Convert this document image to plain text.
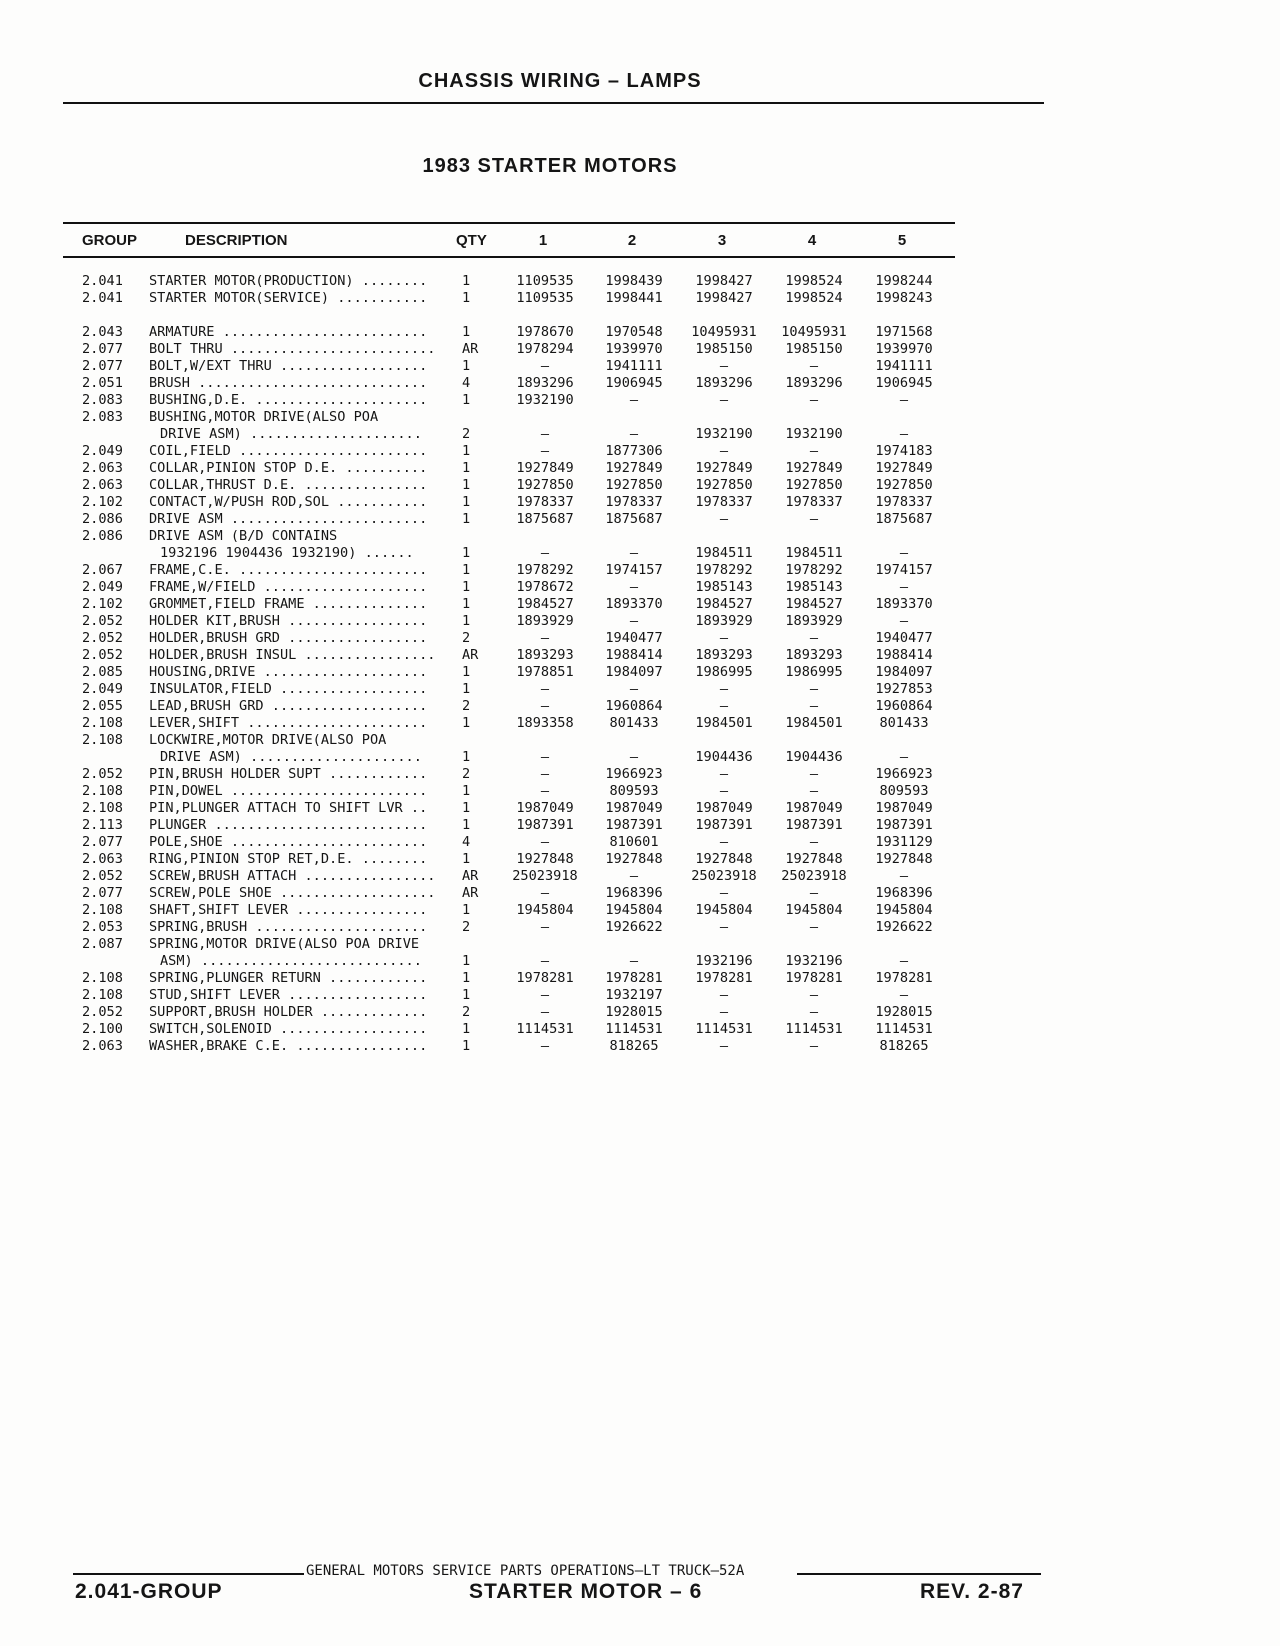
CHASSIS WIRING – LAMPS
1983 STARTER MOTORS
GROUP	DESCRIPTION	QTY	1	2	3	4	5
2.041 STARTER MOTOR(PRODUCTION) ........	1	1109535	1998439	1998427	1998524	1998244
2.041 STARTER MOTOR(SERVICE) ...........	1	1109535	1998441	1998427	1998524	1998243
2.043 ARMATURE .........................	1	1978670	1970548	10495931	10495931	1971568
2.077 BOLT THRU ......................... AR	1978294	1939970	1985150	1985150	1939970
2.077 BOLT,W/EXT THRU ..................	1	—	1941111	—	—	1941111
2.051 BRUSH ............................	4	1893296	1906945	1893296	1893296	1906945
2.083 BUSHING,D.E. .....................	1	1932190	—	—	—	—
2.083 BUSHING,MOTOR DRIVE(ALSO POA
DRIVE ASM) .....................	2	—	—	1932190	1932190	—
2.049 COIL,FIELD .......................	1	—	1877306	—	—	1974183
2.063 COLLAR,PINION STOP D.E. ..........	1	1927849	1927849	1927849	1927849	1927849
2.063 COLLAR,THRUST D.E. ...............	1	1927850	1927850	1927850	1927850	1927850
2.102 CONTACT,W/PUSH ROD,SOL ...........	1	1978337	1978337	1978337	1978337	1978337
2.086 DRIVE ASM ........................	1	1875687	1875687	—	—	1875687
2.086 DRIVE ASM (B/D CONTAINS
1932196 1904436 1932190) ......	1	—	—	1984511	1984511	—
2.067 FRAME,C.E. .......................	1	1978292	1974157	1978292	1978292	1974157
2.049 FRAME,W/FIELD ....................	1	1978672	—	1985143	1985143	—
2.102 GROMMET,FIELD FRAME ..............	1	1984527	1893370	1984527	1984527	1893370
2.052 HOLDER KIT,BRUSH .................	1	1893929	—	1893929	1893929	—
2.052 HOLDER,BRUSH GRD .................	2	—	1940477	—	—	1940477
2.052 HOLDER,BRUSH INSUL ................ AR	1893293	1988414	1893293	1893293	1988414
2.085 HOUSING,DRIVE ....................	1	1978851	1984097	1986995	1986995	1984097
2.049 INSULATOR,FIELD ..................	1	—	—	—	—	1927853
2.055 LEAD,BRUSH GRD ...................	2	—	1960864	—	—	1960864
2.108 LEVER,SHIFT ......................	1	1893358	801433	1984501	1984501	801433
2.108 LOCKWIRE,MOTOR DRIVE(ALSO POA
DRIVE ASM) .....................	1	—	—	1904436	1904436	—
2.052 PIN,BRUSH HOLDER SUPT ............	2	—	1966923	—	—	1966923
2.108 PIN,DOWEL ........................	1	—	809593	—	—	809593
2.108 PIN,PLUNGER ATTACH TO SHIFT LVR ..	1	1987049	1987049	1987049	1987049	1987049
2.113 PLUNGER ..........................	1	1987391	1987391	1987391	1987391	1987391
2.077 POLE,SHOE ........................	4	—	810601	—	—	1931129
2.063 RING,PINION STOP RET,D.E. ........	1	1927848	1927848	1927848	1927848	1927848
2.052 SCREW,BRUSH ATTACH ................ AR	25023918	—	25023918	25023918	—
2.077 SCREW,POLE SHOE ................... AR	—	1968396	—	—	1968396
2.108 SHAFT,SHIFT LEVER ................	1	1945804	1945804	1945804	1945804	1945804
2.053 SPRING,BRUSH .....................	2	—	1926622	—	—	1926622
2.087 SPRING,MOTOR DRIVE(ALSO POA DRIVE
ASM) ...........................	1	—	—	1932196	1932196	—
2.108 SPRING,PLUNGER RETURN ............	1	1978281	1978281	1978281	1978281	1978281
2.108 STUD,SHIFT LEVER .................	1	—	1932197	—	—	—
2.052 SUPPORT,BRUSH HOLDER .............	2	—	1928015	—	—	1928015
2.100 SWITCH,SOLENOID ..................	1	1114531	1114531	1114531	1114531	1114531
2.063 WASHER,BRAKE C.E. ................	1	—	818265	—	—	818265
GENERAL MOTORS SERVICE PARTS OPERATIONS—LT TRUCK—52A
2.041-GROUP	STARTER MOTOR – 6	REV. 2-87
